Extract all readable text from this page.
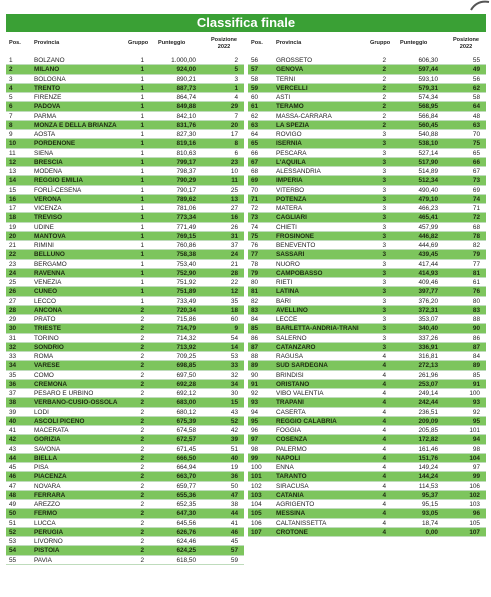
Classifica finale
Pos. Provincia	Gruppo Punteggio	Posizione 2022
1	BOLZANO	1	1.000,00	2
2	MILANO	1	924,00	5
3	BOLOGNA	1	890,21	3
4	TRENTO	1	887,73	1
5	FIRENZE	1	864,74	4
6	PADOVA	1	849,88	29
7	PARMA	1	842,10	7
8	MONZA E DELLA BRIANZA	1	831,76	20
9	AOSTA	1	827,30	17
10	PORDENONE	1	819,16	8
11	SIENA	1	810,63	6
12	BRESCIA	1	799,17	23
13	MODENA	1	798,37	10
14	REGGIO EMILIA	1	790,29	11
15	FORLÌ-CESENA	1	790,17	25
16	VERONA	1	789,62	13
17	VICENZA	1	781,06	27
18	TREVISO	1	773,34	16
19	UDINE	1	771,49	26
20	MANTOVA	1	769,15	31
21	RIMINI	1	760,86	37
22	BELLUNO	1	758,38	24
23	BERGAMO	1	753,40	21
24	RAVENNA	1	752,90	28
25	VENEZIA	1	751,92	22
26	CUNEO	1	751,89	12
27	LECCO	1	733,49	35
28	ANCONA	2	720,34	18
29	PRATO	2	715,86	60
30	TRIESTE	2	714,79	9
31	TORINO	2	714,32	54
32	SONDRIO	2	713,92	14
33	ROMA	2	709,25	53
34	VARESE	2	698,85	33
35	COMO	2	697,50	32
36	CREMONA	2	692,28	34
37	PESARO E URBINO	2	692,12	30
38	VERBANO-CUSIO-OSSOLA	2	683,00	15
39	LODI	2	680,12	43
40	ASCOLI PICENO	2	675,39	52
41	MACERATA	2	674,58	42
42	GORIZIA	2	672,57	39
43	SAVONA	2	671,45	51
44	BIELLA	2	666,50	40
45	PISA	2	664,94	19
46	PIACENZA	2	663,70	36
47	NOVARA	2	659,77	50
48	FERRARA	2	655,36	47
49	AREZZO	2	652,35	38
50	FERMO	2	647,30	44
51	LUCCA	2	645,56	41
52	PERUGIA	2	626,76	46
53	LIVORNO	2	624,46	45
54	PISTOIA	2	624,25	57
55	PAVIA	2	618,50	59
Pos. Provincia	Gruppo Punteggio	Posizione 2022
56	GROSSETO	2	606,30	55
57	GENOVA	2	597,44	49
58	TERNI	2	593,10	56
59	VERCELLI	2	579,31	62
60	ASTI	2	574,34	58
61	TERAMO	2	568,95	64
62	MASSA-CARRARA	2	566,84	48
63	LA SPEZIA	2	560,45	63
64	ROVIGO	3	540,88	70
65	ISERNIA	3	538,10	75
66	PESCARA	3	527,14	65
67	L'AQUILA	3	517,90	66
68	ALESSANDRIA	3	514,89	67
69	IMPERIA	3	512,34	73
70	VITERBO	3	490,40	69
71	POTENZA	3	479,10	74
72	MATERA	3	466,23	71
73	CAGLIARI	3	465,41	72
74	CHIETI	3	457,99	68
75	FROSINONE	3	446,82	78
76	BENEVENTO	3	444,69	82
77	SASSARI	3	439,45	79
78	NUORO	3	417,44	77
79	CAMPOBASSO	3	414,93	81
80	RIETI	3	409,46	61
81	LATINA	3	397,77	76
82	BARI	3	376,20	80
83	AVELLINO	3	372,31	83
84	LECCE	3	353,07	88
85	BARLETTA-ANDRIA-TRANI	3	340,40	90
86	SALERNO	3	337,26	86
87	CATANZARO	3	336,91	87
88	RAGUSA	4	316,81	84
89	SUD SARDEGNA	4	272,13	89
90	BRINDISI	4	261,96	85
91	ORISTANO	4	253,07	91
92	VIBO VALENTIA	4	249,14	100
93	TRAPANI	4	242,44	93
94	CASERTA	4	236,51	92
95	REGGIO CALABRIA	4	209,09	95
96	FOGGIA	4	205,85	101
97	COSENZA	4	172,82	94
98	PALERMO	4	161,46	98
99	NAPOLI	4	151,76	104
100	ENNA	4	149,24	97
101	TARANTO	4	144,24	99
102	SIRACUSA	4	114,53	106
103	CATANIA	4	95,37	102
104	AGRIGENTO	4	95,15	103
105	MESSINA	4	93,05	96
106	CALTANISSETTA	4	18,74	105
107	CROTONE	4	0,00	107
